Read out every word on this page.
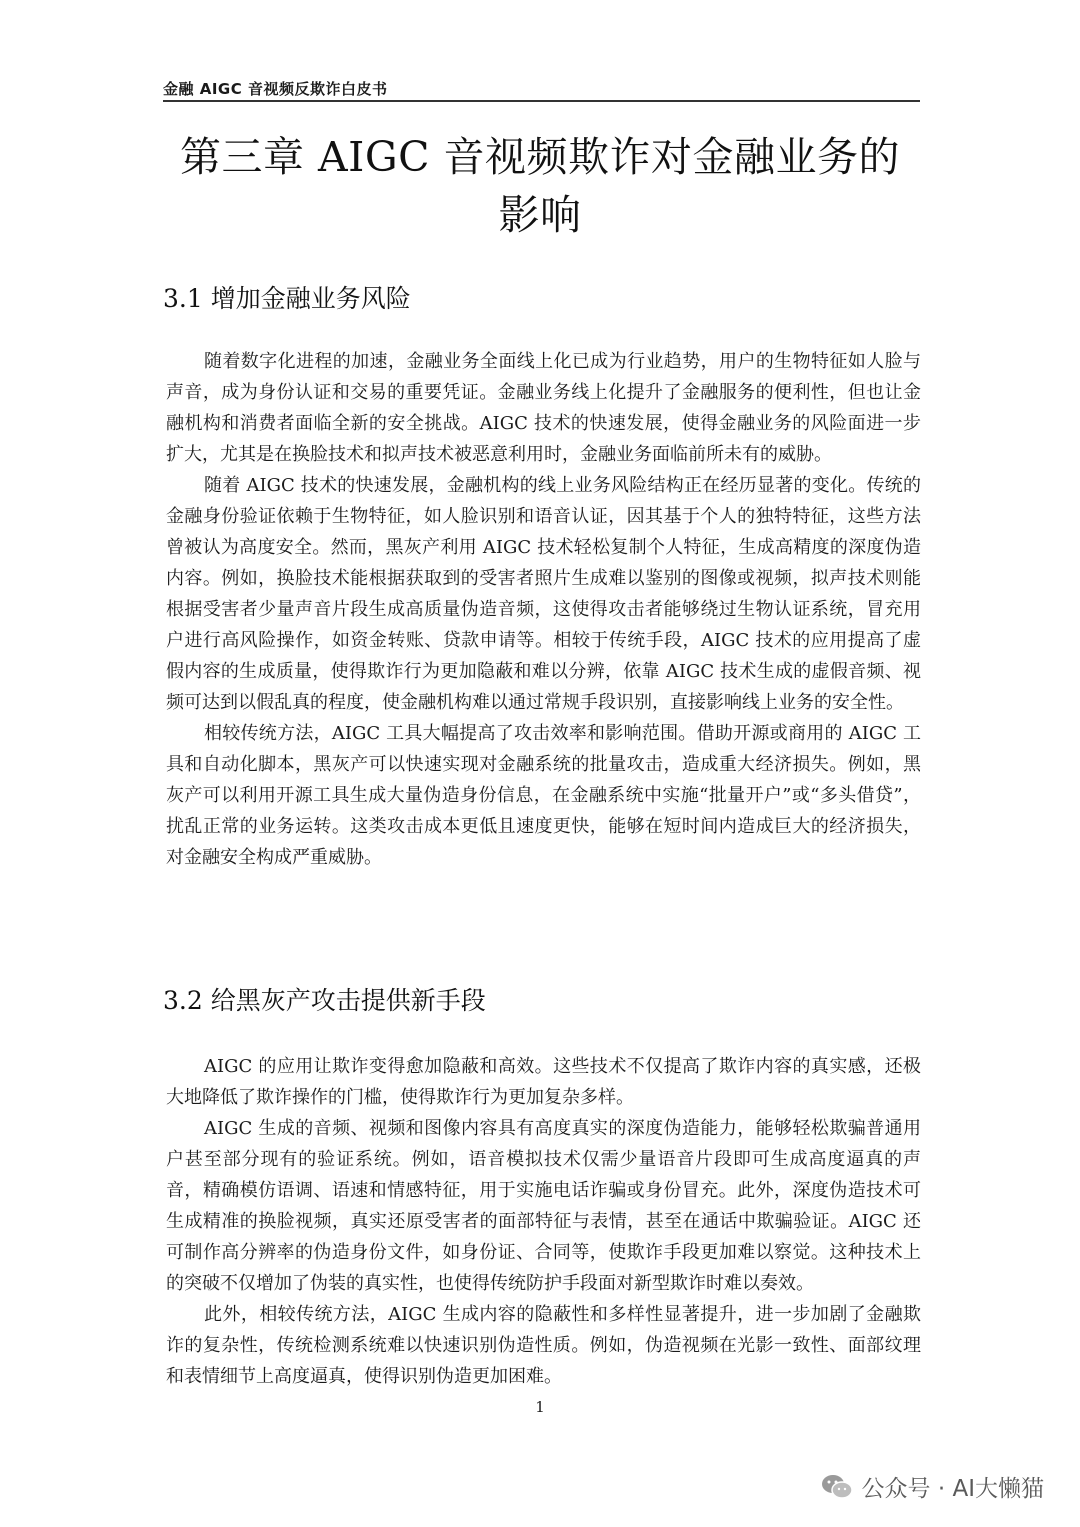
金融 AIGC 音视频反欺诈白皮书
第三章 AIGC 音视频欺诈对金融业务的
影响
3.1 增加金融业务风险

随着数字化进程的加速，金融业务全面线上化已成为行业趋势，用户的生物特征如人脸与声音，成为身份认证和交易的重要凭证。金融业务线上化提升了金融服务的便利性，但也让金融机构和消费者面临全新的安全挑战。AIGC 技术的快速发展，使得金融业务的风险面进一步扩大，尤其是在换脸技术和拟声技术被恶意利用时，金融业务面临前所未有的威胁。

随着 AIGC 技术的快速发展，金融机构的线上业务风险结构正在经历显著的变化。传统的金融身份验证依赖于生物特征，如人脸识别和语音认证，因其基于个人的独特特征，这些方法曾被认为高度安全。然而，黑灰产利用 AIGC 技术轻松复制个人特征，生成高精度的深度伪造内容。例如，换脸技术能根据获取到的受害者照片生成难以鉴别的图像或视频，拟声技术则能根据受害者少量声音片段生成高质量伪造音频，这使得攻击者能够绕过生物认证系统，冒充用户进行高风险操作，如资金转账、贷款申请等。相较于传统手段，AIGC 技术的应用提高了虚假内容的生成质量，使得欺诈行为更加隐蔽和难以分辨，依靠 AIGC 技术生成的虚假音频、视频可达到以假乱真的程度，使金融机构难以通过常规手段识别，直接影响线上业务的安全性。

相较传统方法，AIGC 工具大幅提高了攻击效率和影响范围。借助开源或商用的 AIGC 工具和自动化脚本，黑灰产可以快速实现对金融系统的批量攻击，造成重大经济损失。例如，黑灰产可以利用开源工具生成大量伪造身份信息，在金融系统中实施“批量开户”或“多头借贷”，扰乱正常的业务运转。这类攻击成本更低且速度更快，能够在短时间内造成巨大的经济损失，对金融安全构成严重威胁。

3.2 给黑灰产攻击提供新手段

AIGC 的应用让欺诈变得愈加隐蔽和高效。这些技术不仅提高了欺诈内容的真实感，还极大地降低了欺诈操作的门槛，使得欺诈行为更加复杂多样。

AIGC 生成的音频、视频和图像内容具有高度真实的深度伪造能力，能够轻松欺骗普通用户甚至部分现有的验证系统。例如，语音模拟技术仅需少量语音片段即可生成高度逼真的声音，精确模仿语调、语速和情感特征，用于实施电话诈骗或身份冒充。此外，深度伪造技术可生成精准的换脸视频，真实还原受害者的面部特征与表情，甚至在通话中欺骗验证。AIGC 还可制作高分辨率的伪造身份文件，如身份证、合同等，使欺诈手段更加难以察觉。这种技术上的突破不仅增加了伪装的真实性，也使得传统防护手段面对新型欺诈时难以奏效。

此外，相较传统方法，AIGC 生成内容的隐蔽性和多样性显著提升，进一步加剧了金融欺诈的复杂性，传统检测系统难以快速识别伪造性质。例如，伪造视频在光影一致性、面部纹理和表情细节上高度逼真，使得识别伪造更加困难。

1
公众号 · AI大懒猫
